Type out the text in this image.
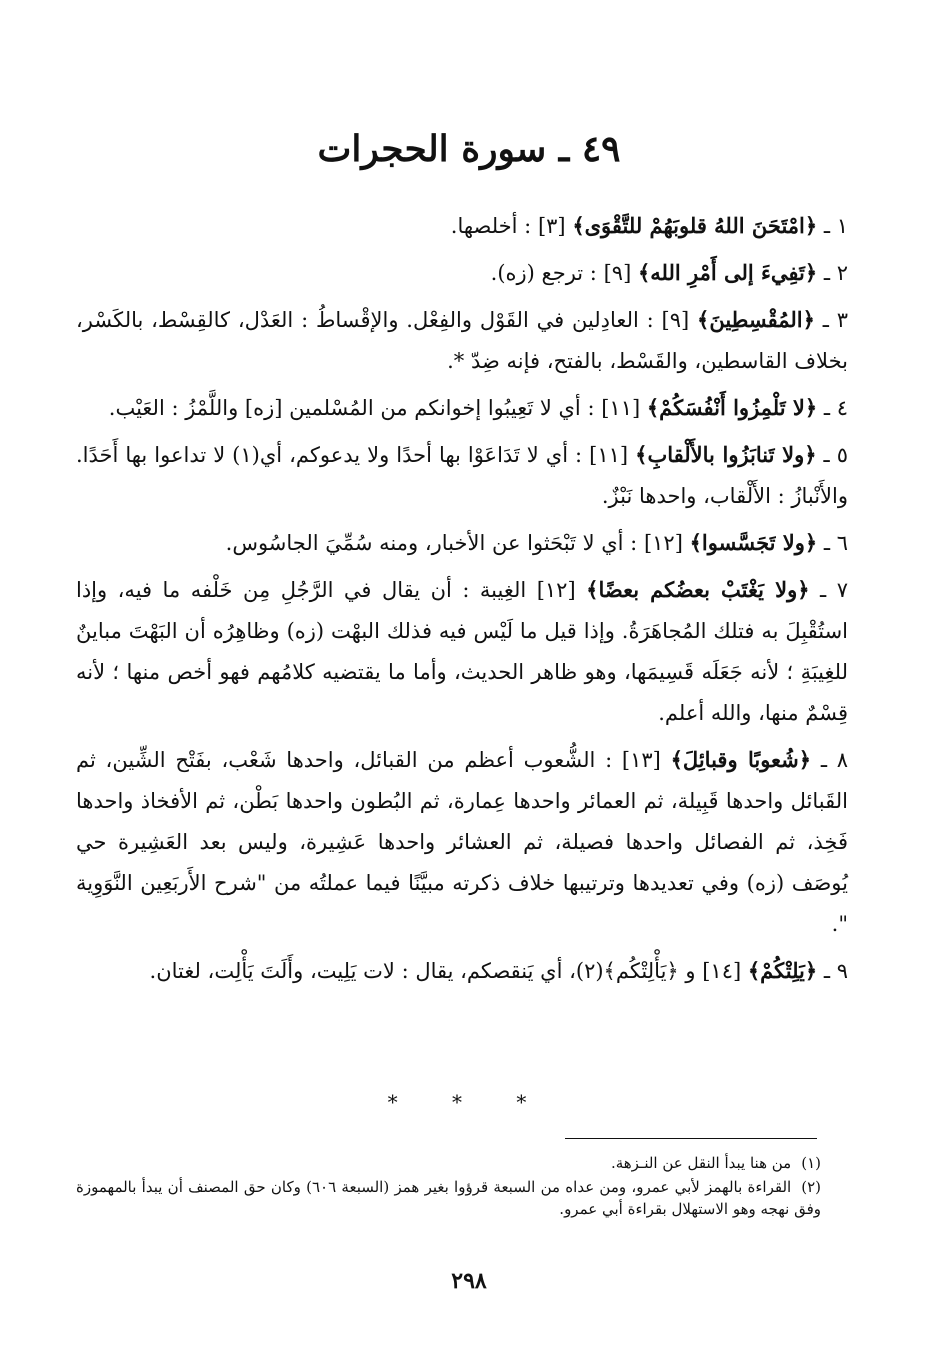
٤٩ ـ سورة الحجرات

١ ـ ﴿امْتَحَنَ اللهُ قلوبَهُمْ للتَّقْوَى﴾ [٣] : أخلصها.

٢ ـ ﴿تَفِيءَ إلى أَمْرِ الله﴾ [٩] : ترجع (زه).

٣ ـ ﴿المُقْسِطِينَ﴾ [٩] : العادِلين في القَوْل والفِعْل. والإقْساطُ : العَدْل، كالقِسْط، بالكَسْر، بخلاف القاسطين، والقَسْط، بالفتح، فإنه ضِدّ *.

٤ ـ ﴿لا تَلْمِزُوا أَنْفُسَكُمْ﴾ [١١] : أي لا تَعِيبُوا إخوانكم من المُسْلمين [زه] واللَّمْزُ : العَيْب.

٥ ـ ﴿ولا تَنابَزُوا بالأَلْقابِ﴾ [١١] : أي لا تَدَاعَوْا بها أحدًا ولا يدعوكم، أي(١) لا تداعوا بها أَحَدًا. والأَنْبازُ : الأَلْقاب، واحدها نَبْزٌ.

٦ ـ ﴿ولا تَجَسَّسوا﴾ [١٢] : أي لا تَبْحَثوا عن الأخبار، ومنه سُمِّيَ الجاسُوس.

٧ ـ ﴿ولا يَغْتَبْ بعضُكم بعضًا﴾ [١٢] الغِيبة : أن يقال في الرَّجُلِ مِن خَلْفه ما فيه، وإذا استُقْبِلَ به فتلك المُجاهَرَةُ. وإذا قيل ما لَيْس فيه فذلك البهْت (زه) وظاهِرُه أن البَهْتَ مباينٌ للغِيبَةِ ؛ لأنه جَعَلَه قَسِيمَها، وهو ظاهر الحديث، وأما ما يقتضيه كلامُهم فهو أخص منها ؛ لأنه قِسْمٌ منها، والله أعلم.

٨ ـ ﴿شُعوبًا وقبائِلَ﴾ [١٣] : الشُّعوب أعظم من القبائل، واحدها شَعْب، بفَتْح الشِّين، ثم القَبائل واحدها قَبِيلة، ثم العمائر واحدها عِمارة، ثم البُطون واحدها بَطْن، ثم الأفخاذ واحدها فَخِذ، ثم الفصائل واحدها فصيلة، ثم العشائر واحدها عَشِيرة، وليس بعد العَشِيرة حي يُوصَف (زه) وفي تعديدها وترتيبها خلاف ذكرته مبيَّنًا فيما عملتُه من "شرح الأَربَعِين النَّوَوِية ".

٩ ـ ﴿يَلِتْكُمْ﴾ [١٤] و ﴿يَأْلِتْكُم﴾(٢)، أي يَنقصكم، يقال : لات يَلِيت، وأَلَتَ يَأْلِت، لغتان.

* * *

(١)من هنا يبدأ النقل عن النـزهة.

(٢)القراءة بالهمز لأبي عمرو، ومن عداه من السبعة قرؤوا بغير همز (السبعة ٦٠٦) وكان حق المصنف أن يبدأ بالمهموزة وفق نهجه وهو الاستهلال بقراءة أبي عمرو.

٢٩٨
